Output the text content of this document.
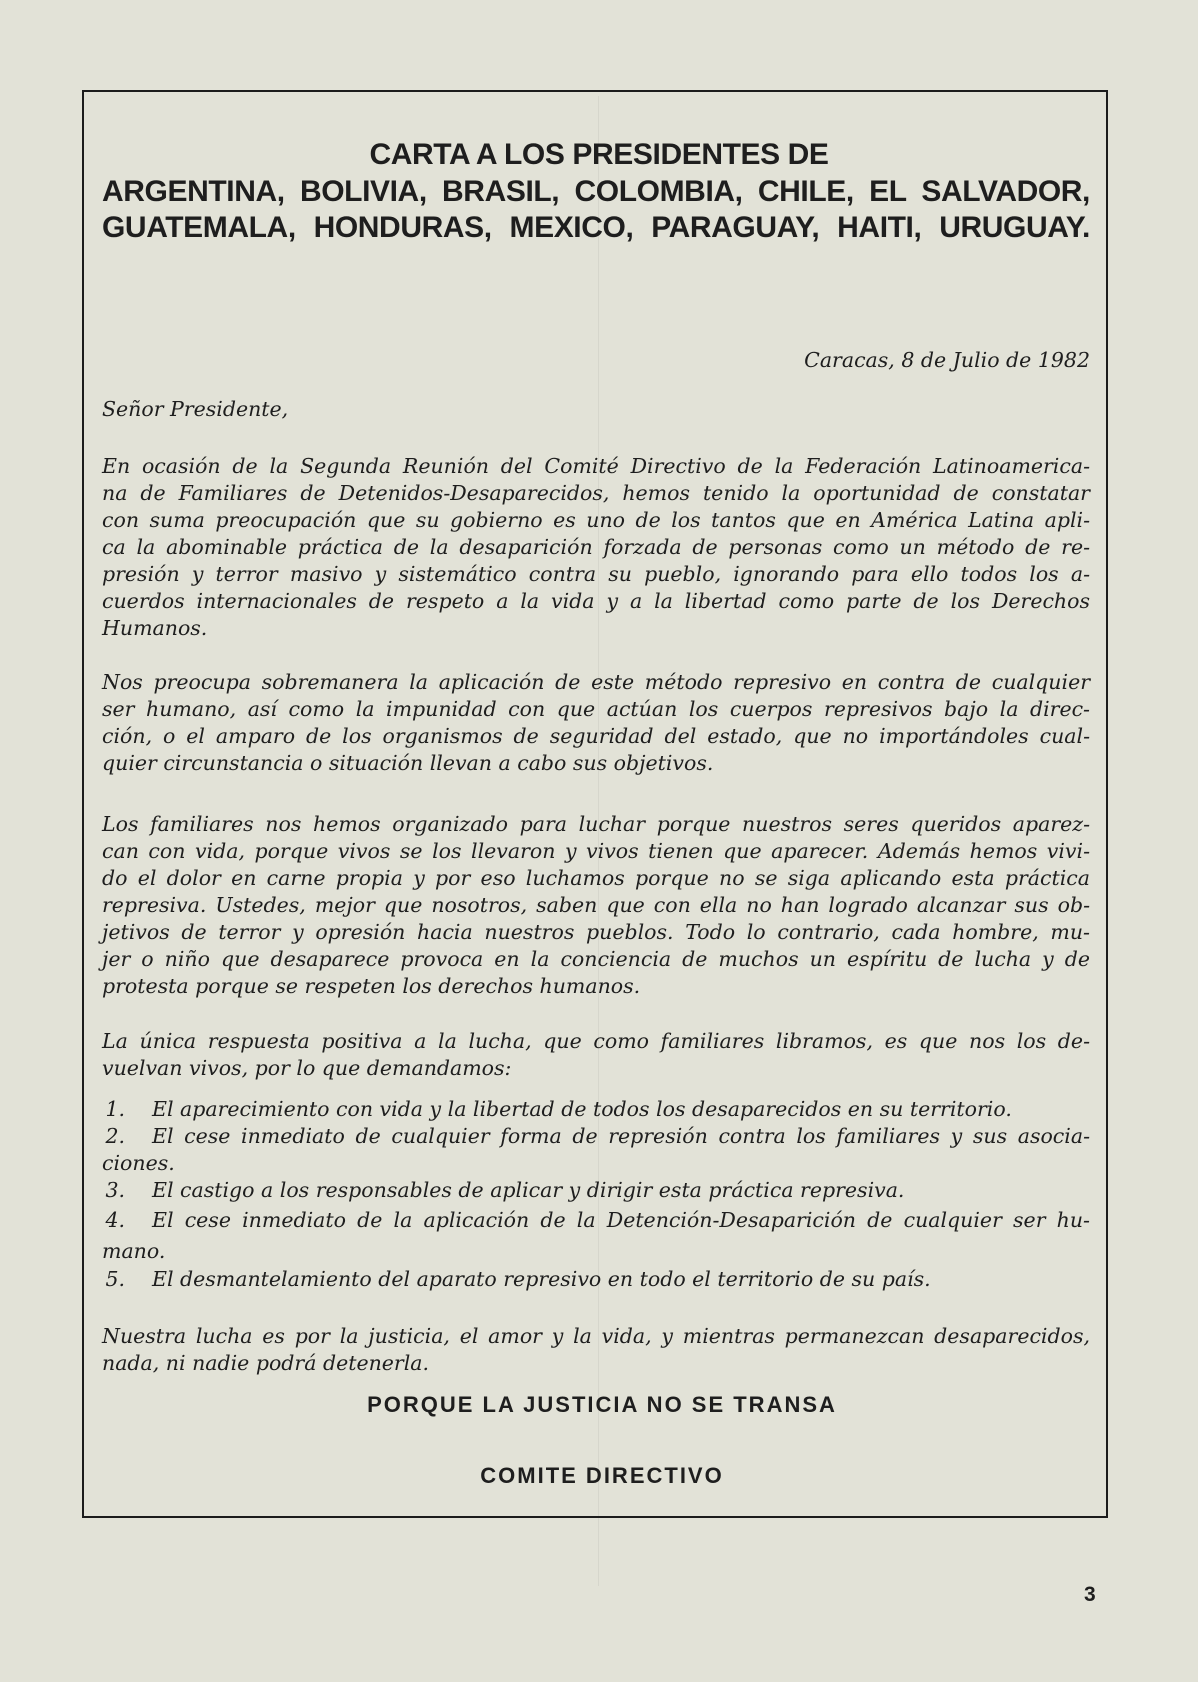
CARTA A LOS PRESIDENTES DE
ARGENTINA, BOLIVIA, BRASIL, COLOMBIA, CHILE, EL SALVADOR,
GUATEMALA, HONDURAS, MEXICO, PARAGUAY, HAITI, URUGUAY.
Caracas, 8 de Julio de 1982
Señor Presidente,
En ocasión de la Segunda Reunión del Comité Directivo de la Federación Latinoamerica-
na de Familiares de Detenidos-Desaparecidos, hemos tenido la oportunidad de constatar
con suma preocupación que su gobierno es uno de los tantos que en América Latina apli-
ca la abominable práctica de la desaparición forzada de personas como un método de re-
presión y terror masivo y sistemático contra su pueblo, ignorando para ello todos los a-
cuerdos internacionales de respeto a la vida y a la libertad como parte de los Derechos
Humanos.
Nos preocupa sobremanera la aplicación de este método represivo en contra de cualquier
ser humano, así como la impunidad con que actúan los cuerpos represivos bajo la direc-
ción, o el amparo de los organismos de seguridad del estado, que no importándoles cual-
quier circunstancia o situación llevan a cabo sus objetivos.
Los familiares nos hemos organizado para luchar porque nuestros seres queridos aparez-
can con vida, porque vivos se los llevaron y vivos tienen que aparecer. Además hemos vivi-
do el dolor en carne propia y por eso luchamos porque no se siga aplicando esta práctica
represiva. Ustedes, mejor que nosotros, saben que con ella no han logrado alcanzar sus ob-
jetivos de terror y opresión hacia nuestros pueblos. Todo lo contrario, cada hombre, mu-
jer o niño que desaparece provoca en la conciencia de muchos un espíritu de lucha y de
protesta porque se respeten los derechos humanos.
La única respuesta positiva a la lucha, que como familiares libramos, es que nos los de-
vuelvan vivos, por lo que demandamos:
1.	El aparecimiento con vida y la libertad de todos los desaparecidos en su territorio.
2.	El cese inmediato de cualquier forma de represión contra los familiares y sus asocia-
ciones.
3.	El castigo a los responsables de aplicar y dirigir esta práctica represiva.
4.	El cese inmediato de la aplicación de la Detención-Desaparición de cualquier ser hu-
mano.
5.	El desmantelamiento del aparato represivo en todo el territorio de su país.
Nuestra lucha es por la justicia, el amor y la vida, y mientras permanezcan desaparecidos,
nada, ni nadie podrá detenerla.
PORQUE LA JUSTICIA NO SE TRANSA
COMITE DIRECTIVO
3
